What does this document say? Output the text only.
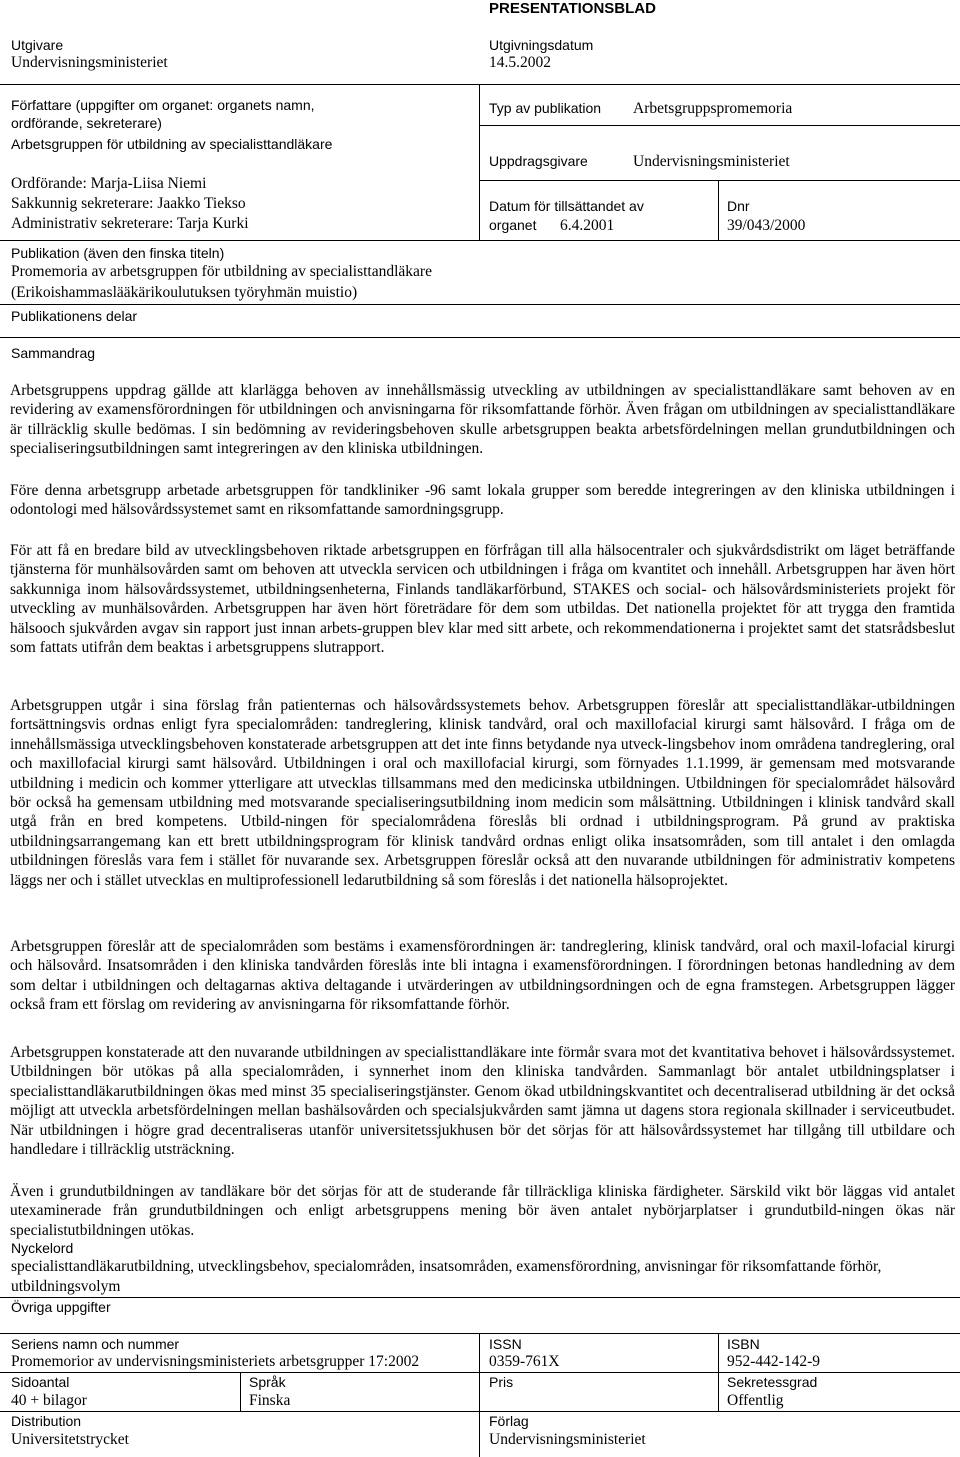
PRESENTATIONSBLAD
Utgivare
Undervisningsministeriet
Utgivningsdatum
14.5.2002
Författare (uppgifter om organet: organets namn,
ordförande, sekreterare)
Arbetsgruppen för utbildning av specialisttandläkare
Ordförande: Marja-Liisa Niemi
Sakkunnig sekreterare: Jaakko Tiekso
Administrativ sekreterare: Tarja Kurki
Typ av publikation Arbetsgruppspromemoria
Uppdragsgivare	Undervisningsministeriet
Datum för tillsättandet av
organet 6.4.2001
Dnr
39/043/2000
Publikation (även den finska titeln)
Promemoria av arbetsgruppen för utbildning av specialisttandläkare
(Erikoishammaslääkärikoulutuksen työryhmän muistio)
Publikationens delar
Sammandrag
Arbetsgruppens uppdrag gällde att klarlägga behoven av innehållsmässig utveckling av utbildningen av specialisttandläkare samt behoven av en revidering av examensförordningen för utbildningen och anvisningarna för riksomfattande förhör. Även frågan om utbildningen av specialisttandläkare är tillräcklig skulle bedömas. I sin bedömning av revideringsbehoven skulle arbetsgruppen beakta arbetsfördelningen mellan grundutbildningen och specialiseringsutbildningen samt integreringen av den kliniska utbildningen.
Före denna arbetsgrupp arbetade arbetsgruppen för tandkliniker -96 samt lokala grupper som beredde integreringen av den kliniska utbildningen i odontologi med hälsovårdssystemet samt en riksomfattande samordningsgrupp.
För att få en bredare bild av utvecklingsbehoven riktade arbetsgruppen en förfrågan till alla hälsocentraler och sjukvårdsdistrikt om läget beträffande tjänsterna för munhälsovården samt om behoven att utveckla servicen och utbildningen i fråga om kvantitet och innehåll. Arbetsgruppen har även hört sakkunniga inom hälsovårdssystemet, utbildningsenheterna, Finlands tandläkarförbund, STAKES och social- och hälsovårdsministeriets projekt för utveckling av munhälsovården. Arbetsgruppen har även hört företrädare för dem som utbildas. Det nationella projektet för att trygga den framtida hälsooch sjukvården avgav sin rapport just innan arbets-gruppen blev klar med sitt arbete, och rekommendationerna i projektet samt det statsrådsbeslut som fattats utifrån dem beaktas i arbetsgruppens slutrapport.
Arbetsgruppen utgår i sina förslag från patienternas och hälsovårdssystemets behov. Arbetsgruppen föreslår att specialisttandläkar-utbildningen fortsättningsvis ordnas enligt fyra specialområden: tandreglering, klinisk tandvård, oral och maxillofacial kirurgi samt hälsovård. I fråga om de innehållsmässiga utvecklingsbehoven konstaterade arbetsgruppen att det inte finns betydande nya utveck-lingsbehov inom områdena tandreglering, oral och maxillofacial kirurgi samt hälsovård. Utbildningen i oral och maxillofacial kirurgi, som förnyades 1.1.1999, är gemensam med motsvarande utbildning i medicin och kommer ytterligare att utvecklas tillsammans med den medicinska utbildningen. Utbildningen för specialområdet hälsovård bör också ha gemensam utbildning med motsvarande specialiseringsutbildning inom medicin som målsättning. Utbildningen i klinisk tandvård skall utgå från en bred kompetens. Utbild-ningen för specialområdena föreslås bli ordnad i utbildningsprogram. På grund av praktiska utbildningsarrangemang kan ett brett utbildningsprogram för klinisk tandvård ordnas enligt olika insatsområden, som till antalet i den omlagda utbildningen föreslås vara fem i stället för nuvarande sex. Arbetsgruppen föreslår också att den nuvarande utbildningen för administrativ kompetens läggs ner och i stället utvecklas en multiprofessionell ledarutbildning så som föreslås i det nationella hälsoprojektet.
Arbetsgruppen föreslår att de specialområden som bestäms i examensförordningen är: tandreglering, klinisk tandvård, oral och maxil-lofacial kirurgi och hälsovård. Insatsområden i den kliniska tandvården föreslås inte bli intagna i examensförordningen. I förordningen betonas handledning av dem som deltar i utbildningen och deltagarnas aktiva deltagande i utvärderingen av utbildningsordningen och de egna framstegen. Arbetsgruppen lägger också fram ett förslag om revidering av anvisningarna för riksomfattande förhör.
Arbetsgruppen konstaterade att den nuvarande utbildningen av specialisttandläkare inte förmår svara mot det kvantitativa behovet i hälsovårdssystemet. Utbildningen bör utökas på alla specialområden, i synnerhet inom den kliniska tandvården. Sammanlagt bör antalet utbildningsplatser i specialisttandläkarutbildningen ökas med minst 35 specialiseringstjänster. Genom ökad utbildningskvantitet och decentraliserad utbildning är det också möjligt att utveckla arbetsfördelningen mellan bashälsovården och specialsjukvården samt jämna ut dagens stora regionala skillnader i serviceutbudet. När utbildningen i högre grad decentraliseras utanför universitetssjukhusen bör det sörjas för att hälsovårdssystemet har tillgång till utbildare och handledare i tillräcklig utsträckning.
Även i grundutbildningen av tandläkare bör det sörjas för att de studerande får tillräckliga kliniska färdigheter. Särskild vikt bör läggas vid antalet utexaminerade från grundutbildningen och enligt arbetsgruppens mening bör även antalet nybörjarplatser i grundutbild-ningen ökas när specialistutbildningen utökas.
Nyckelord
specialisttandläkarutbildning, utvecklingsbehov, specialområden, insatsområden, examensförordning, anvisningar för riksomfattande förhör, utbildningsvolym
Övriga uppgifter
Seriens namn och nummer
Promemorior av undervisningsministeriets arbetsgrupper 17:2002
ISSN
0359-761X
ISBN
952-442-142-9
Sidoantal
40 + bilagor
Språk
Finska
Pris	Sekretessgrad
Offentlig
Distribution
Universitetstrycket
Förlag
Undervisningsministeriet
